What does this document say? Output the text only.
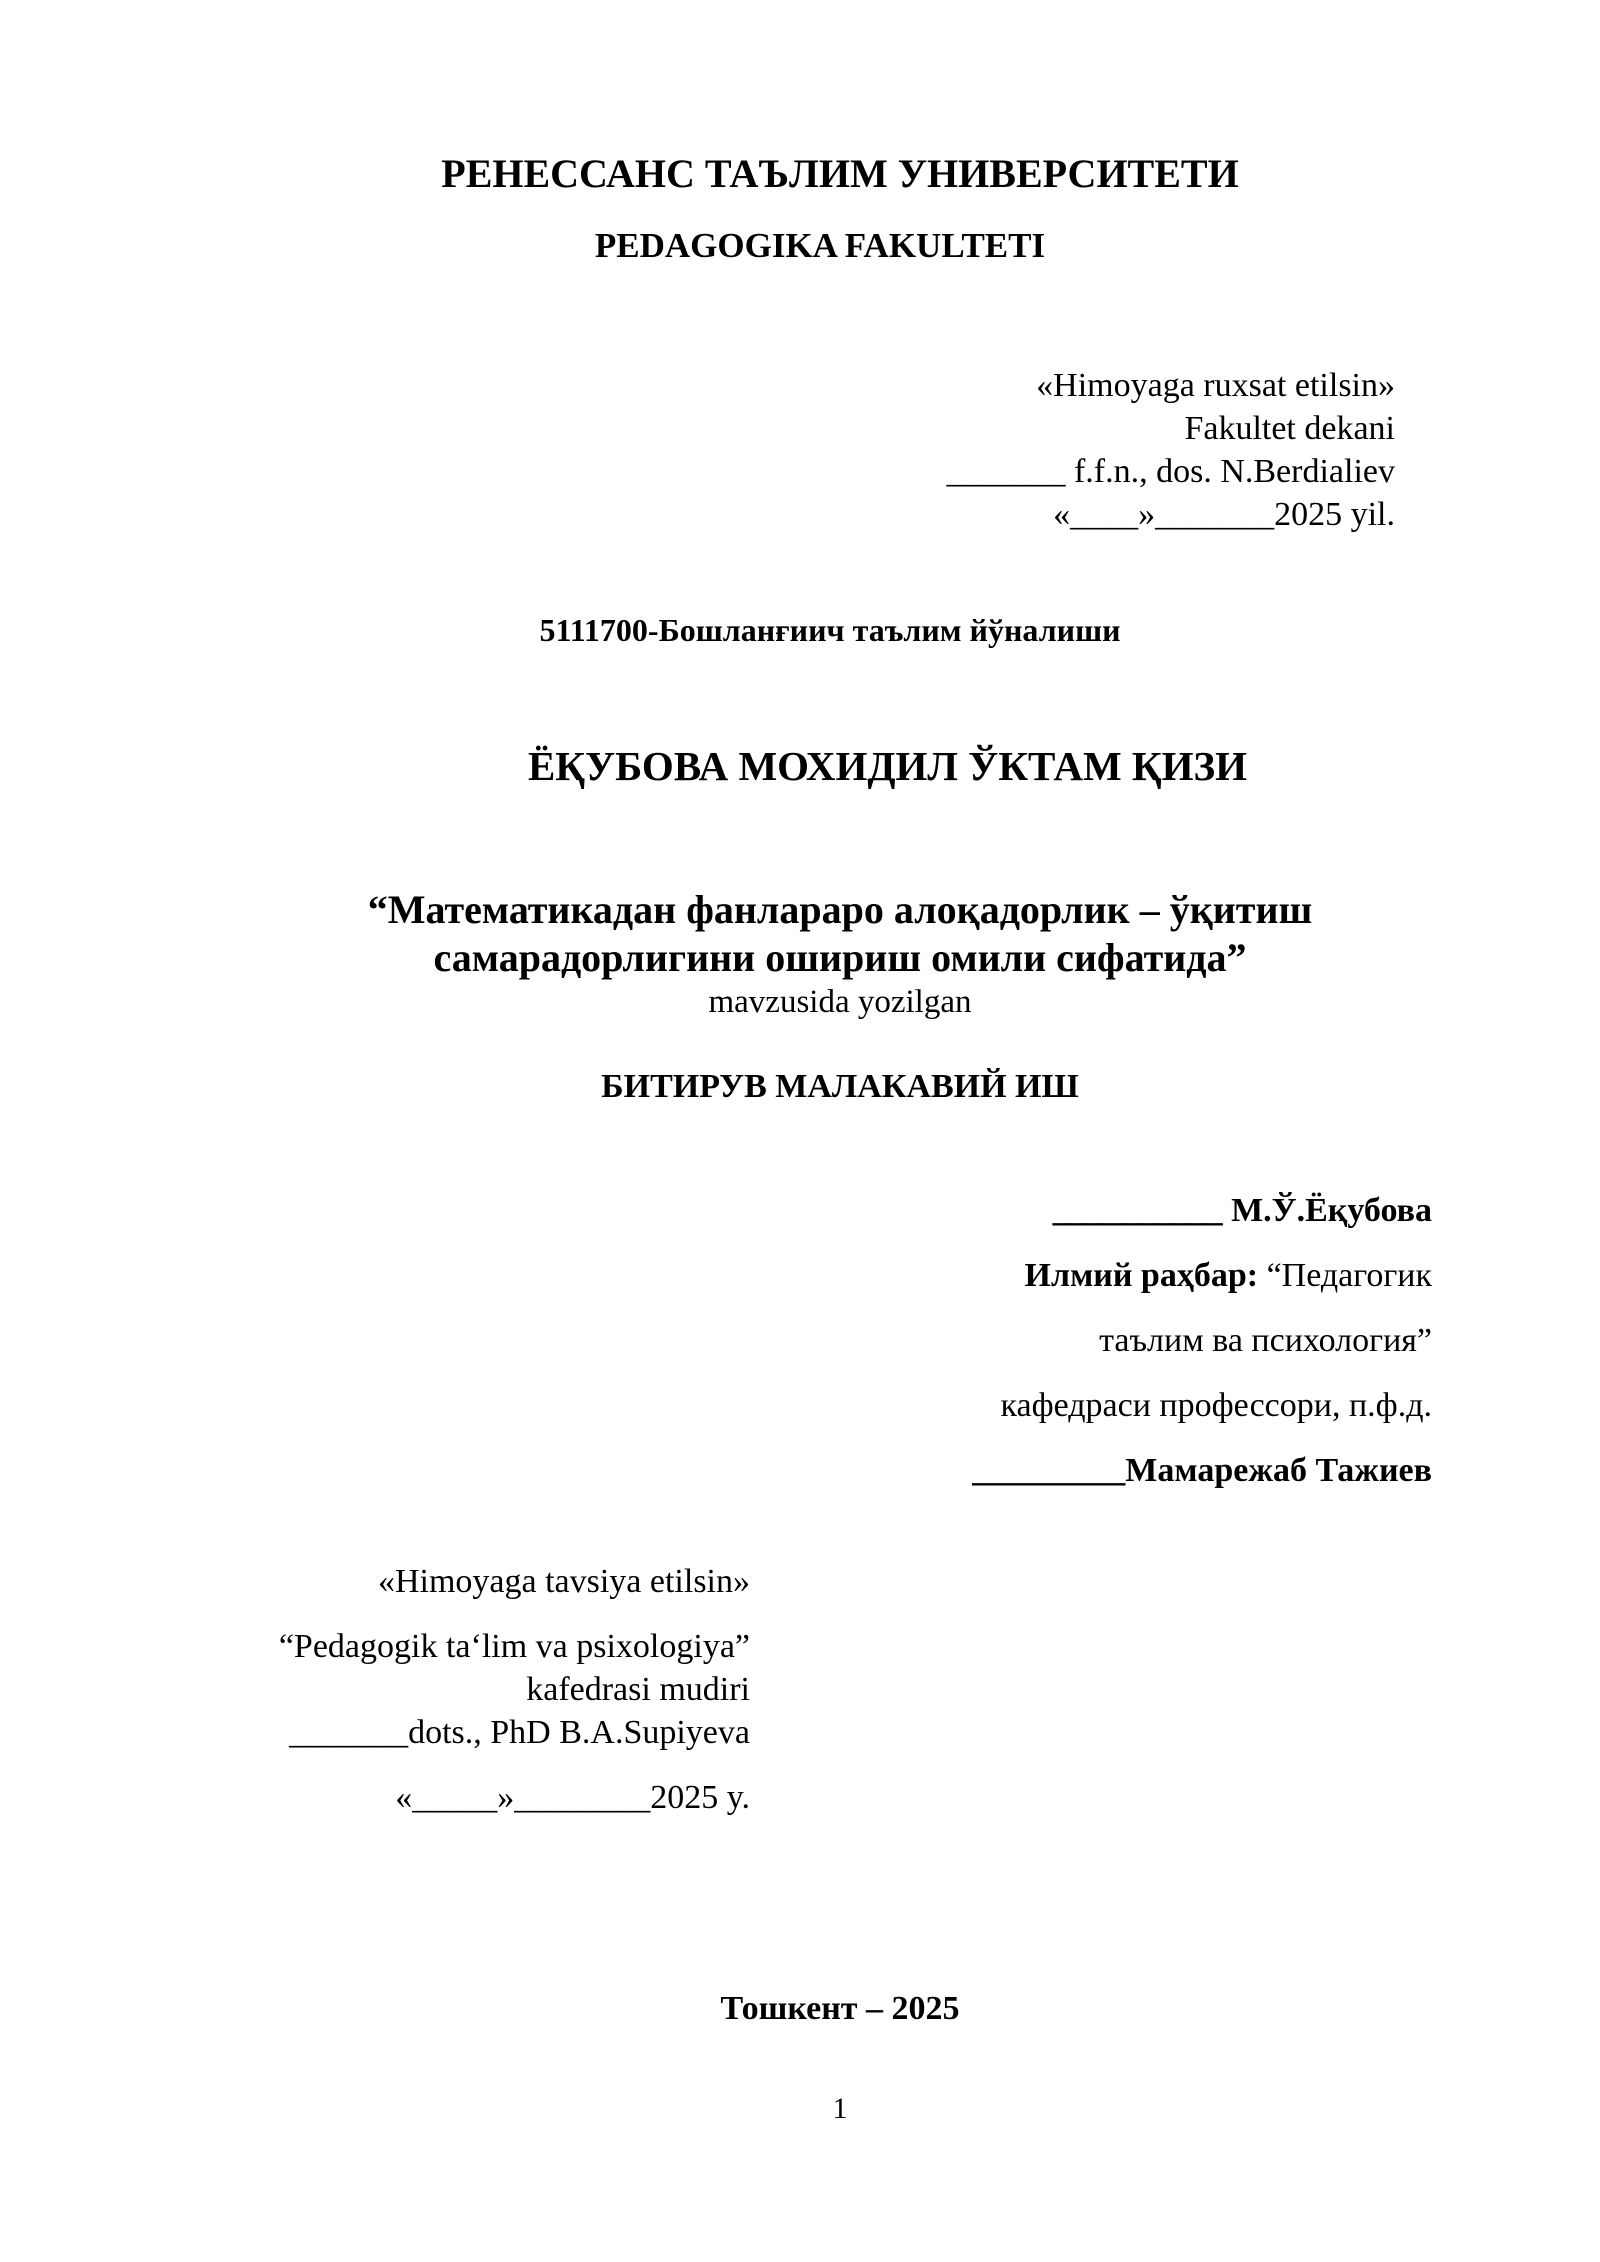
РЕНЕССАНС ТАЪЛИМ УНИВЕРСИТЕТИ
PEDAGOGIKA FAKULTETI
«Himoyaga ruxsat etilsin»
Fakultet dekani
_______ f.f.n., dos. N.Berdialiev
«____»_______2025 yil.
5111700-Бошланғиич таълим йўналиши
ЁҚУБОВА МОХИДИЛ ЎКТАМ ҚИЗИ
“Математикадан фанлараро алоқадорлик – ўқитиш
самарадорлигини ошириш омили сифатида”
mavzusida yozilgan
БИТИРУВ МАЛАКАВИЙ ИШ
__________ М.Ў.Ёқубова
Илмий раҳбар: “Педагогик
таълим ва психология”
кафедраси профессори, п.ф.д.
_________Мамарежаб Тажиев
«Himoyaga tavsiya etilsin»
“Pedagogik ta‘lim va psixologiya”
kafedrasi mudiri
_______dots., PhD B.A.Supiyeva
«_____»________2025 y.
Тошкент – 2025
1
